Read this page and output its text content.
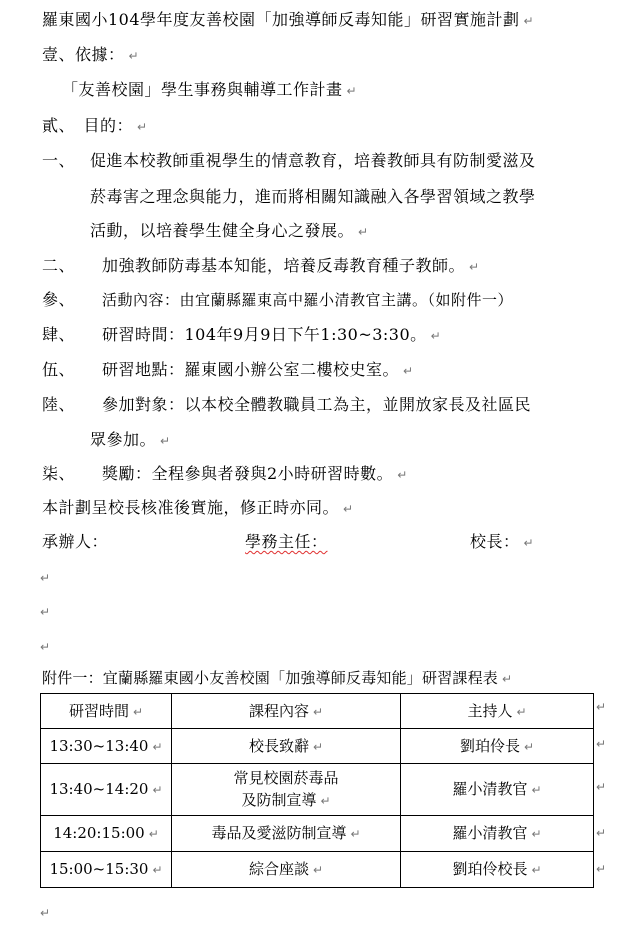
羅東國小104學年度友善校園「加強導師反毒知能」研習實施計劃 ↵
壹、依據： ↵
「友善校園」學生事務與輔導工作計畫 ↵
貳、　目的： ↵
一、 促進本校教師重視學生的情意教育，培養教師具有防制愛滋及
菸毒害之理念與能力，進而將相關知識融入各學習領域之教學
活動，以培養學生健全身心之發展。 ↵
二、 加強教師防毒基本知能，培養反毒教育種子教師。 ↵
參、 活動內容：由宜蘭縣羅東高中羅小清教官主講。（如附件一）
肆、 研習時間：104年9月9日下午1:30~3:30。 ↵
伍、 研習地點：羅東國小辦公室二樓校史室。 ↵
陸、 參加對象：以本校全體教職員工為主，並開放家長及社區民
眾參加。 ↵
柒、 獎勵：全程參與者發與2小時研習時數。 ↵
本計劃呈校長核准後實施，修正時亦同。 ↵
承辦人：	學務主任：	校長： ↵
↵
↵
↵
附件一：宜蘭縣羅東國小友善校園「加強導師反毒知能」研習課程表 ↵
研習時間 ↵	課程內容 ↵	主持人 ↵
13:30~13:40 ↵	校長致辭 ↵	劉珀伶長 ↵
13:40~14:20 ↵	常見校園菸毒品
及防制宣導 ↵	羅小清教官 ↵
14:20:15:00 ↵	毒品及愛滋防制宣導 ↵	羅小清教官 ↵
15:00~15:30 ↵	綜合座談 ↵	劉珀伶校長 ↵
↵
↵
↵
↵
↵
↵
